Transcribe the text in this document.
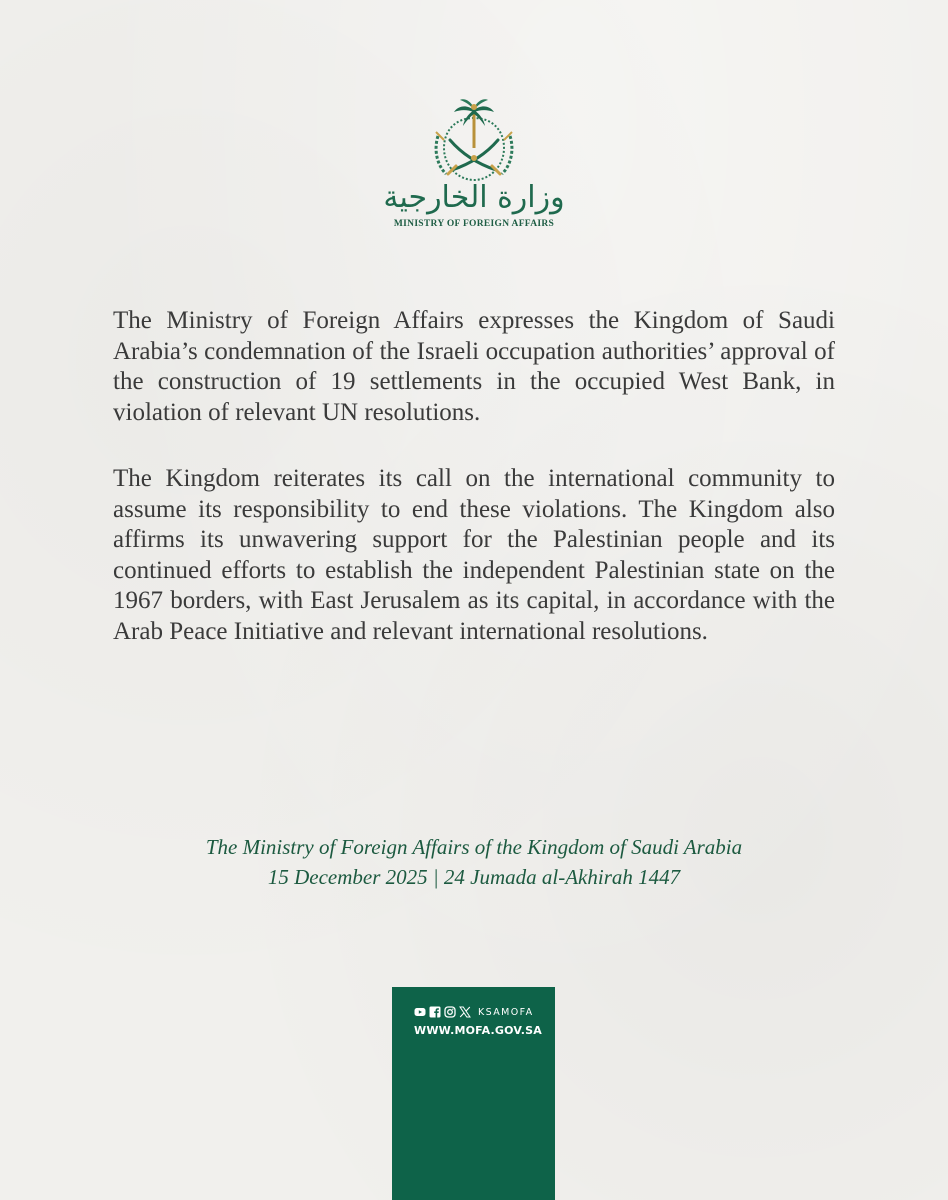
وزارة الخارجية
MINISTRY OF FOREIGN AFFAIRS

The Ministry of Foreign Affairs expresses the Kingdom of Saudi Arabia’s condemnation of the Israeli occupation authorities’ approval of the construction of 19 settlements in the occupied West Bank, in violation of relevant UN resolutions.

The Kingdom reiterates its call on the international community to assume its responsibility to end these violations. The Kingdom also affirms its unwavering support for the Palestinian people and its continued efforts to establish the independent Palestinian state on the 1967 borders, with East Jerusalem as its capital, in accordance with the Arab Peace Initiative and relevant international resolutions.

The Ministry of Foreign Affairs of the Kingdom of Saudi Arabia
15 December 2025 | 24 Jumada al-Akhirah 1447
KSAMOFA
WWW.MOFA.GOV.SA
